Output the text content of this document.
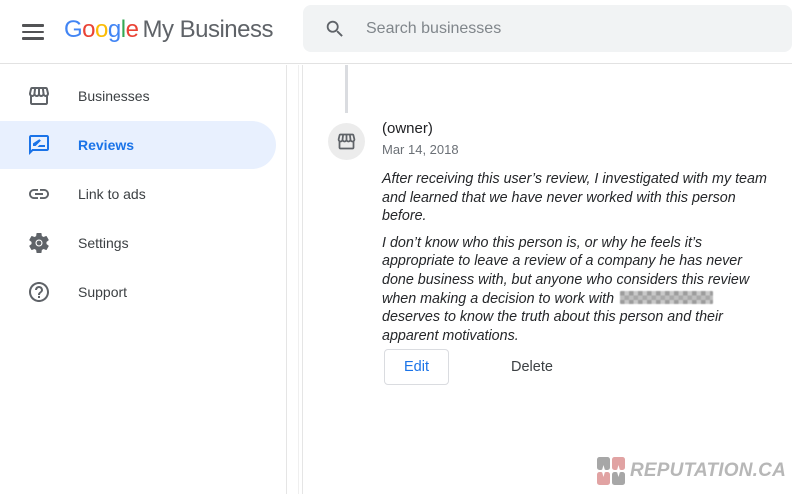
Google My Business
Search businesses
Businesses
Reviews
Link to ads
Settings
Support
(owner)
Mar 14, 2018
After receiving this user’s review, I investigated with my team
and learned that we have never worked with this person
before.
I don’t know who this person is, or why he feels it’s
appropriate to leave a review of a company he has never
done business with, but anyone who considers this review
when making a decision to work with
deserves to know the truth about this person and their
apparent motivations.
Edit	Delete
REPUTATION.CA
